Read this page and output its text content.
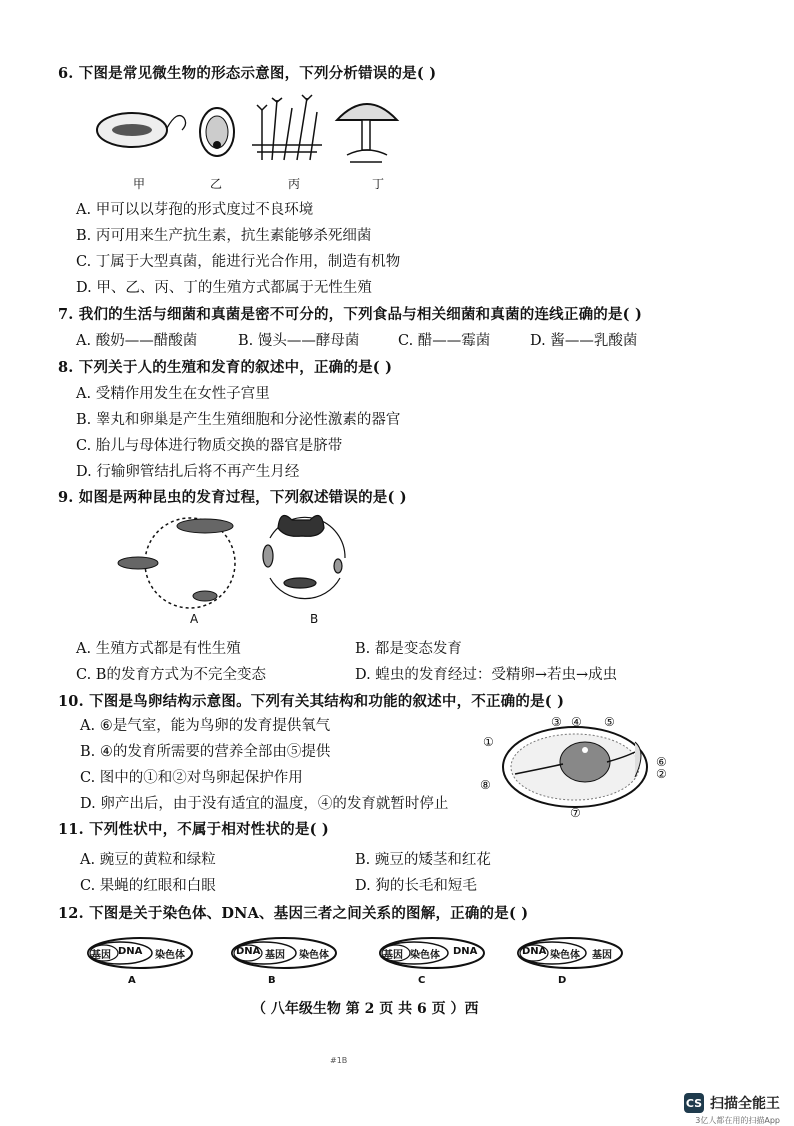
6. 下图是常见微生物的形态示意图，下列分析错误的是( )
甲	乙	丙	丁
A. 甲可以以芽孢的形式度过不良环境
B. 丙可用来生产抗生素，抗生素能够杀死细菌
C. 丁属于大型真菌，能进行光合作用，制造有机物
D. 甲、乙、丙、丁的生殖方式都属于无性生殖
7. 我们的生活与细菌和真菌是密不可分的，下列食品与相关细菌和真菌的连线正确的是( )
A. 酸奶——醋酸菌	B. 馒头——酵母菌	C. 醋——霉菌	D. 酱——乳酸菌
8. 下列关于人的生殖和发育的叙述中，正确的是( )
A. 受精作用发生在女性子宫里
B. 睾丸和卵巢是产生生殖细胞和分泌性激素的器官
C. 胎儿与母体进行物质交换的器官是脐带
D. 行输卵管结扎后将不再产生月经
9. 如图是两种昆虫的发育过程，下列叙述错误的是( )
A	B
A. 生殖方式都是有性生殖	B. 都是变态发育
C. B的发育方式为不完全变态	D. 蝗虫的发育经过：受精卵→若虫→成虫
10. 下图是鸟卵结构示意图。下列有关其结构和功能的叙述中，不正确的是( )
A. ⑥是气室，能为鸟卵的发育提供氧气
B. ④的发育所需要的营养全部由⑤提供
C. 图中的①和②对鸟卵起保护作用
D. 卵产出后，由于没有适宜的温度，④的发育就暂时停止
①
②
③ ④ ⑤
⑥
⑦
⑧
11. 下列性状中，不属于相对性状的是( )
A. 豌豆的黄粒和绿粒	B. 豌豆的矮茎和红花
C. 果蝇的红眼和白眼	D. 狗的长毛和短毛
12. 下图是关于染色体、DNA、基因三者之间关系的图解，正确的是( )
基因 DNA 染色体
A
DNA 基因 染色体
B
基因 染色体 DNA
C
DNA 染色体 基因
D
（ 八年级生物 第 2 页 共 6 页 ）西
#1B
CS 扫描全能王
3亿人都在用的扫描App
